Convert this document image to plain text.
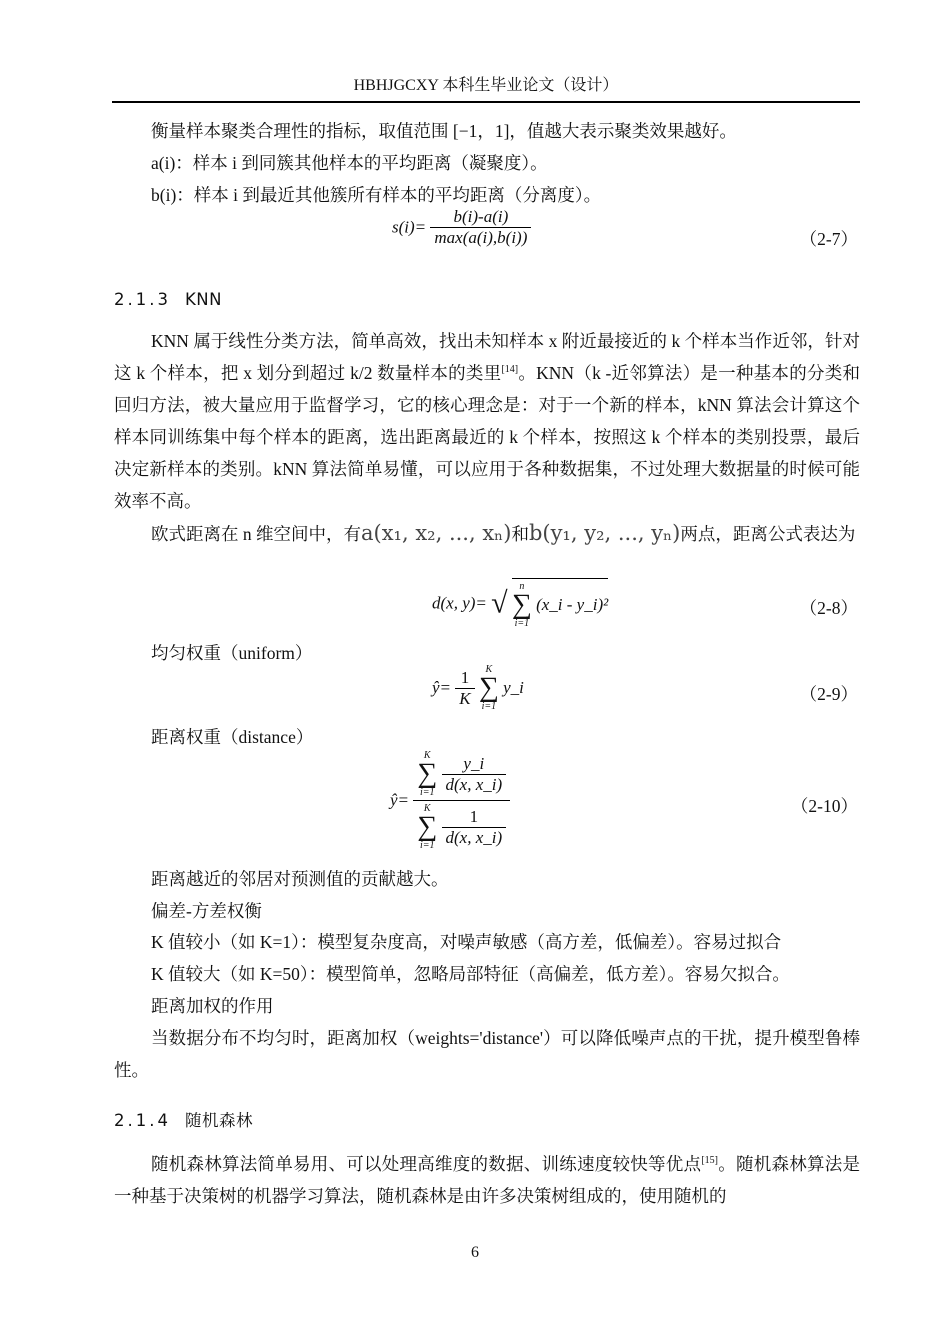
HBHJGCXY 本科生毕业论文（设计）
衡量样本聚类合理性的指标，取值范围 [−1，1]，值越大表示聚类效果越好。
a(i)：样本 i 到同簇其他样本的平均距离（凝聚度）。
b(i)：样本 i 到最近其他簇所有样本的平均距离（分离度）。
$s(i)= \frac{b(i)-a(i)}{\max(a(i),b(i))}$	（2-7）
2.1.3 KNN
KNN 属于线性分类方法，简单高效，找出未知样本 x 附近最接近的 k 个样本当作近邻，针对这 k 个样本，把 x 划分到超过 k/2 数量样本的类里[14]。KNN（k -近邻算法）是一种基本的分类和回归方法，被大量应用于监督学习，它的核心理念是：对于一个新的样本，kNN 算法会计算这个样本同训练集中每个样本的距离，选出距离最近的 k 个样本，按照这 k 个样本的类别投票，最后决定新样本的类别。kNN 算法简单易懂，可以应用于各种数据集，不过处理大数据量的时候可能效率不高。
欧式距离在 n 维空间中，有a(x₁, x₂, ..., xₙ)和b(y₁, y₂, ..., yₙ)两点，距离公式表达为
d(x, y)= √	n
∑
i=1
(x_i - y_i)²	（2-8）
均匀权重（uniform）
ŷ= $\frac{1}{K}$
	K
∑
i=1
y_i	（2-9）
距离权重（distance）
ŷ= K
∑
i=1
$\frac{y\_i}{d(x, x\_i)}$
K
∑
i=1
$\frac{1}{d(x, x\_i)}$	（2-10）
距离越近的邻居对预测值的贡献越大。
偏差-方差权衡
K 值较小（如 K=1）：模型复杂度高，对噪声敏感（高方差，低偏差）。容易过拟合
K 值较大（如 K=50）：模型简单，忽略局部特征（高偏差，低方差）。容易欠拟合。
距离加权的作用
当数据分布不均匀时，距离加权（weights='distance'）可以降低噪声点的干扰，提升模型鲁棒性。
2.1.4 随机森林
随机森林算法简单易用、可以处理高维度的数据、训练速度较快等优点[15]。随机森林算法是一种基于决策树的机器学习算法，随机森林是由许多决策树组成的，使用随机的
6
